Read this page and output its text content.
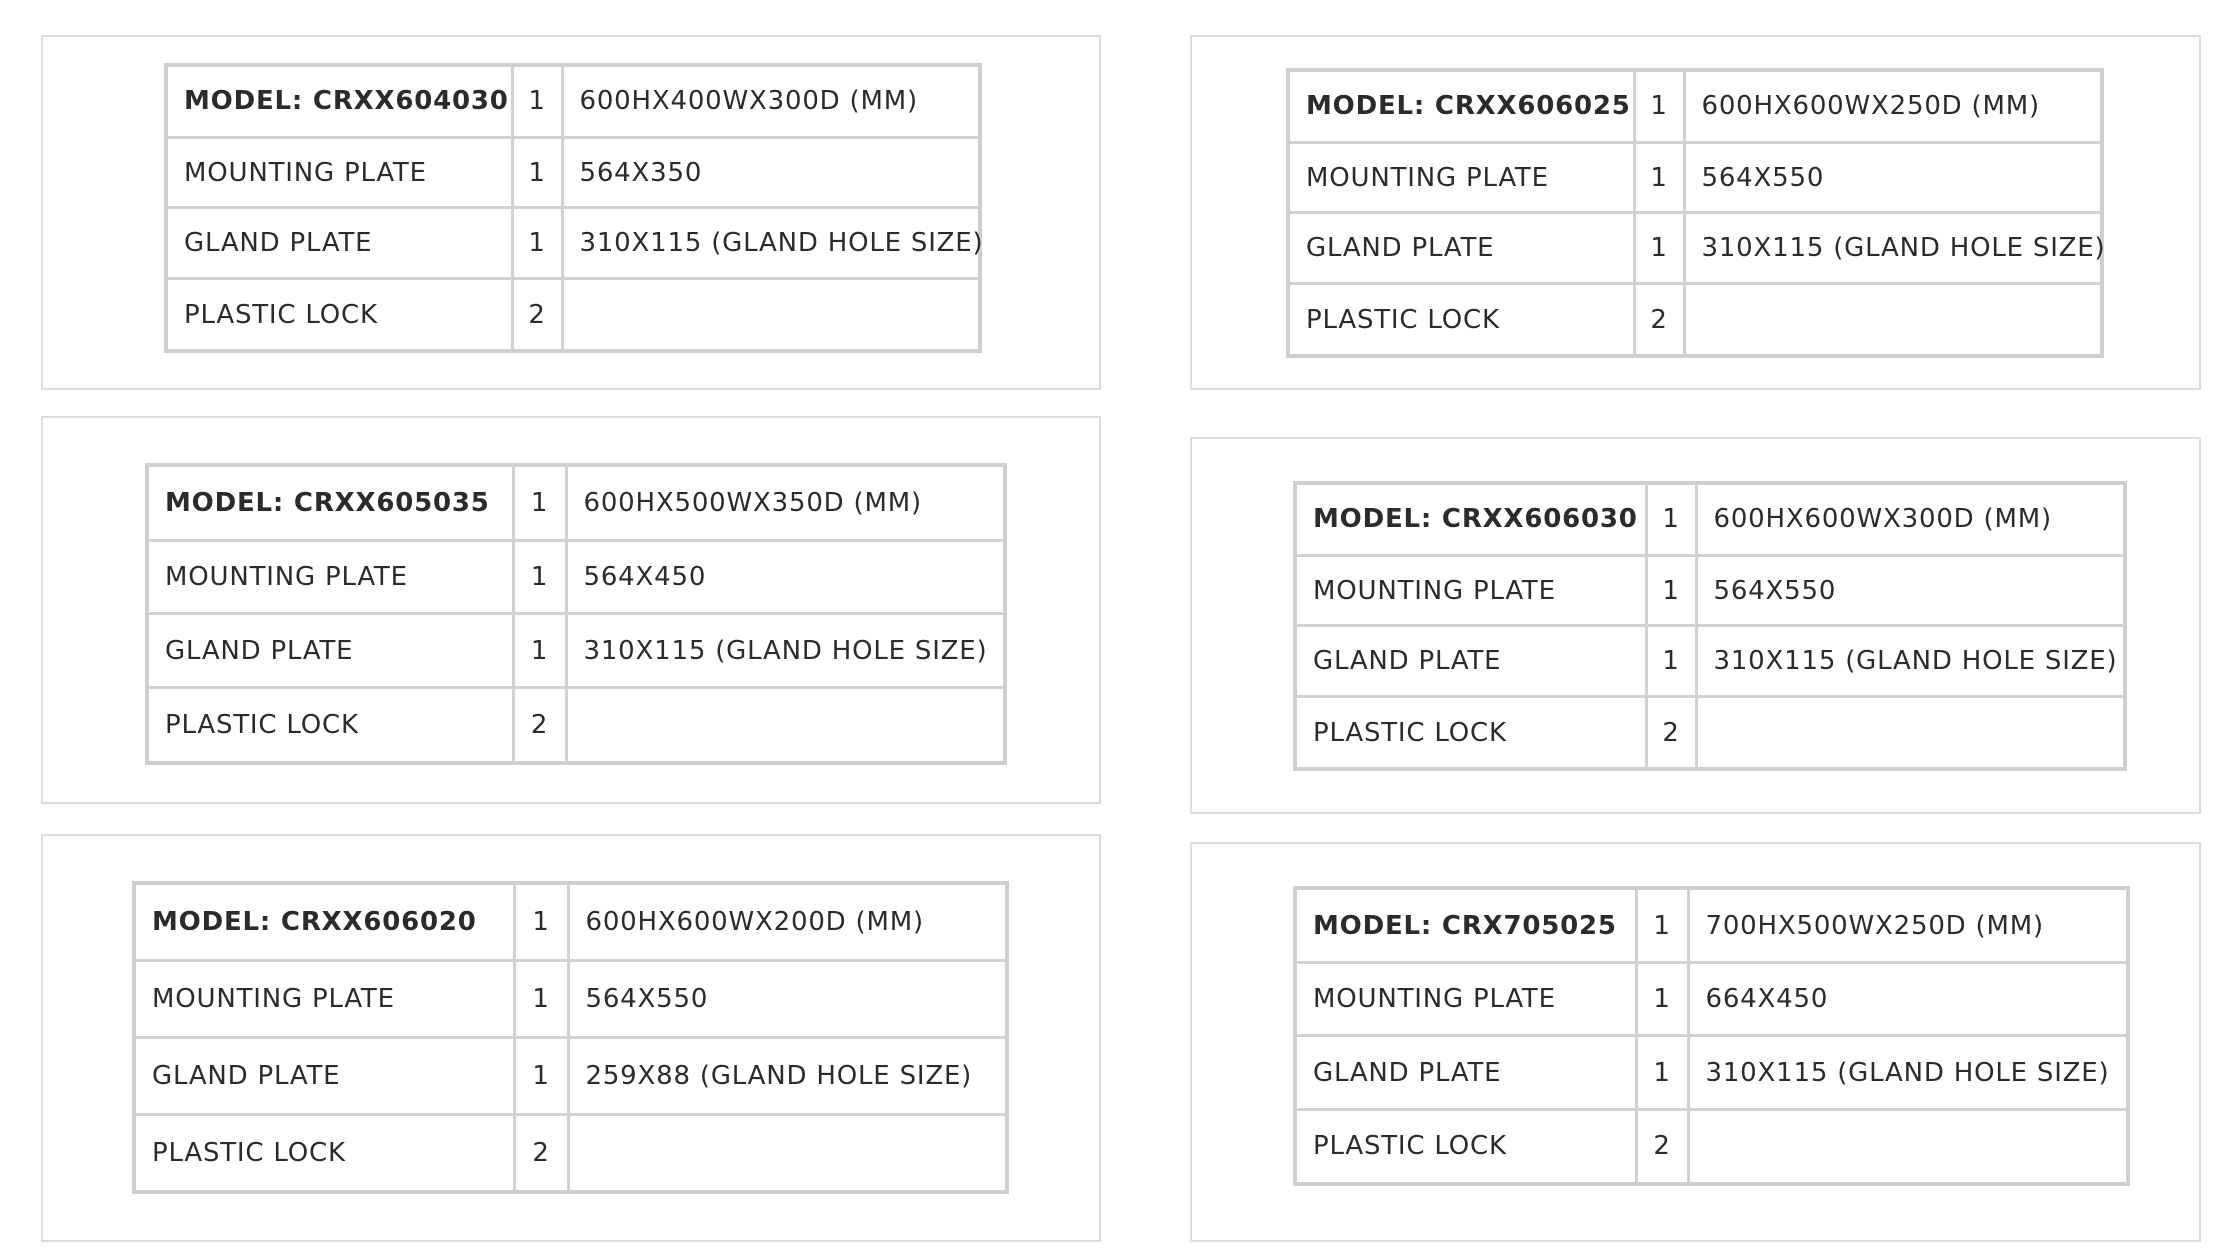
MODEL: CRXX604030	1	600HX400WX300D (MM)
MOUNTING PLATE	1	564X350
GLAND PLATE	1	310X115 (GLAND HOLE SIZE)
PLASTIC LOCK	2	
MODEL: CRXX606025	1	600HX600WX250D (MM)
MOUNTING PLATE	1	564X550
GLAND PLATE	1	310X115 (GLAND HOLE SIZE)
PLASTIC LOCK	2	
MODEL: CRXX605035	1	600HX500WX350D (MM)
MOUNTING PLATE	1	564X450
GLAND PLATE	1	310X115 (GLAND HOLE SIZE)
PLASTIC LOCK	2	
MODEL: CRXX606030	1	600HX600WX300D (MM)
MOUNTING PLATE	1	564X550
GLAND PLATE	1	310X115 (GLAND HOLE SIZE)
PLASTIC LOCK	2	
MODEL: CRXX606020	1	600HX600WX200D (MM)
MOUNTING PLATE	1	564X550
GLAND PLATE	1	259X88 (GLAND HOLE SIZE)
PLASTIC LOCK	2	
MODEL: CRX705025	1	700HX500WX250D (MM)
MOUNTING PLATE	1	664X450
GLAND PLATE	1	310X115 (GLAND HOLE SIZE)
PLASTIC LOCK	2	
